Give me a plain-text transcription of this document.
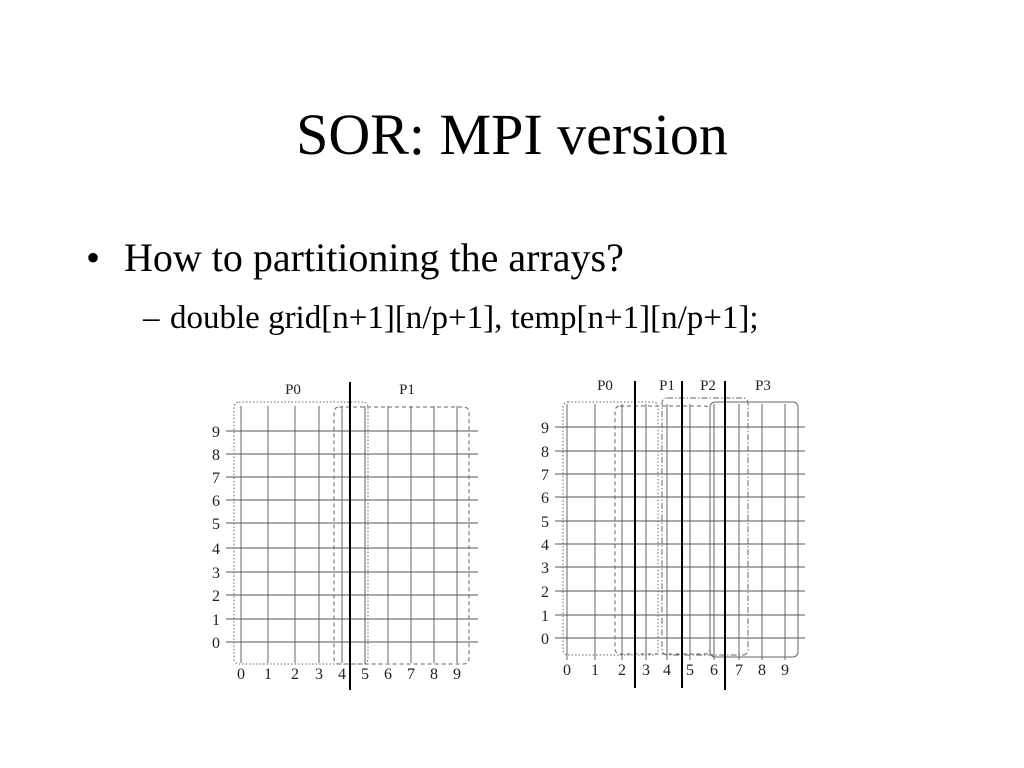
SOR: MPI version
• How to partitioning the arrays?
– double grid[n+1][n/p+1], temp[n+1][n/p+1];
0 1 2 3 4 5 6 7 8 9
0
1
2
3
4
5
6
7
8
9
P0	P1
0 1 2 3 4 5 6 7 8 9
0
1
2
3
4
5
6
7
8
9
P0	P1 P2	P3
